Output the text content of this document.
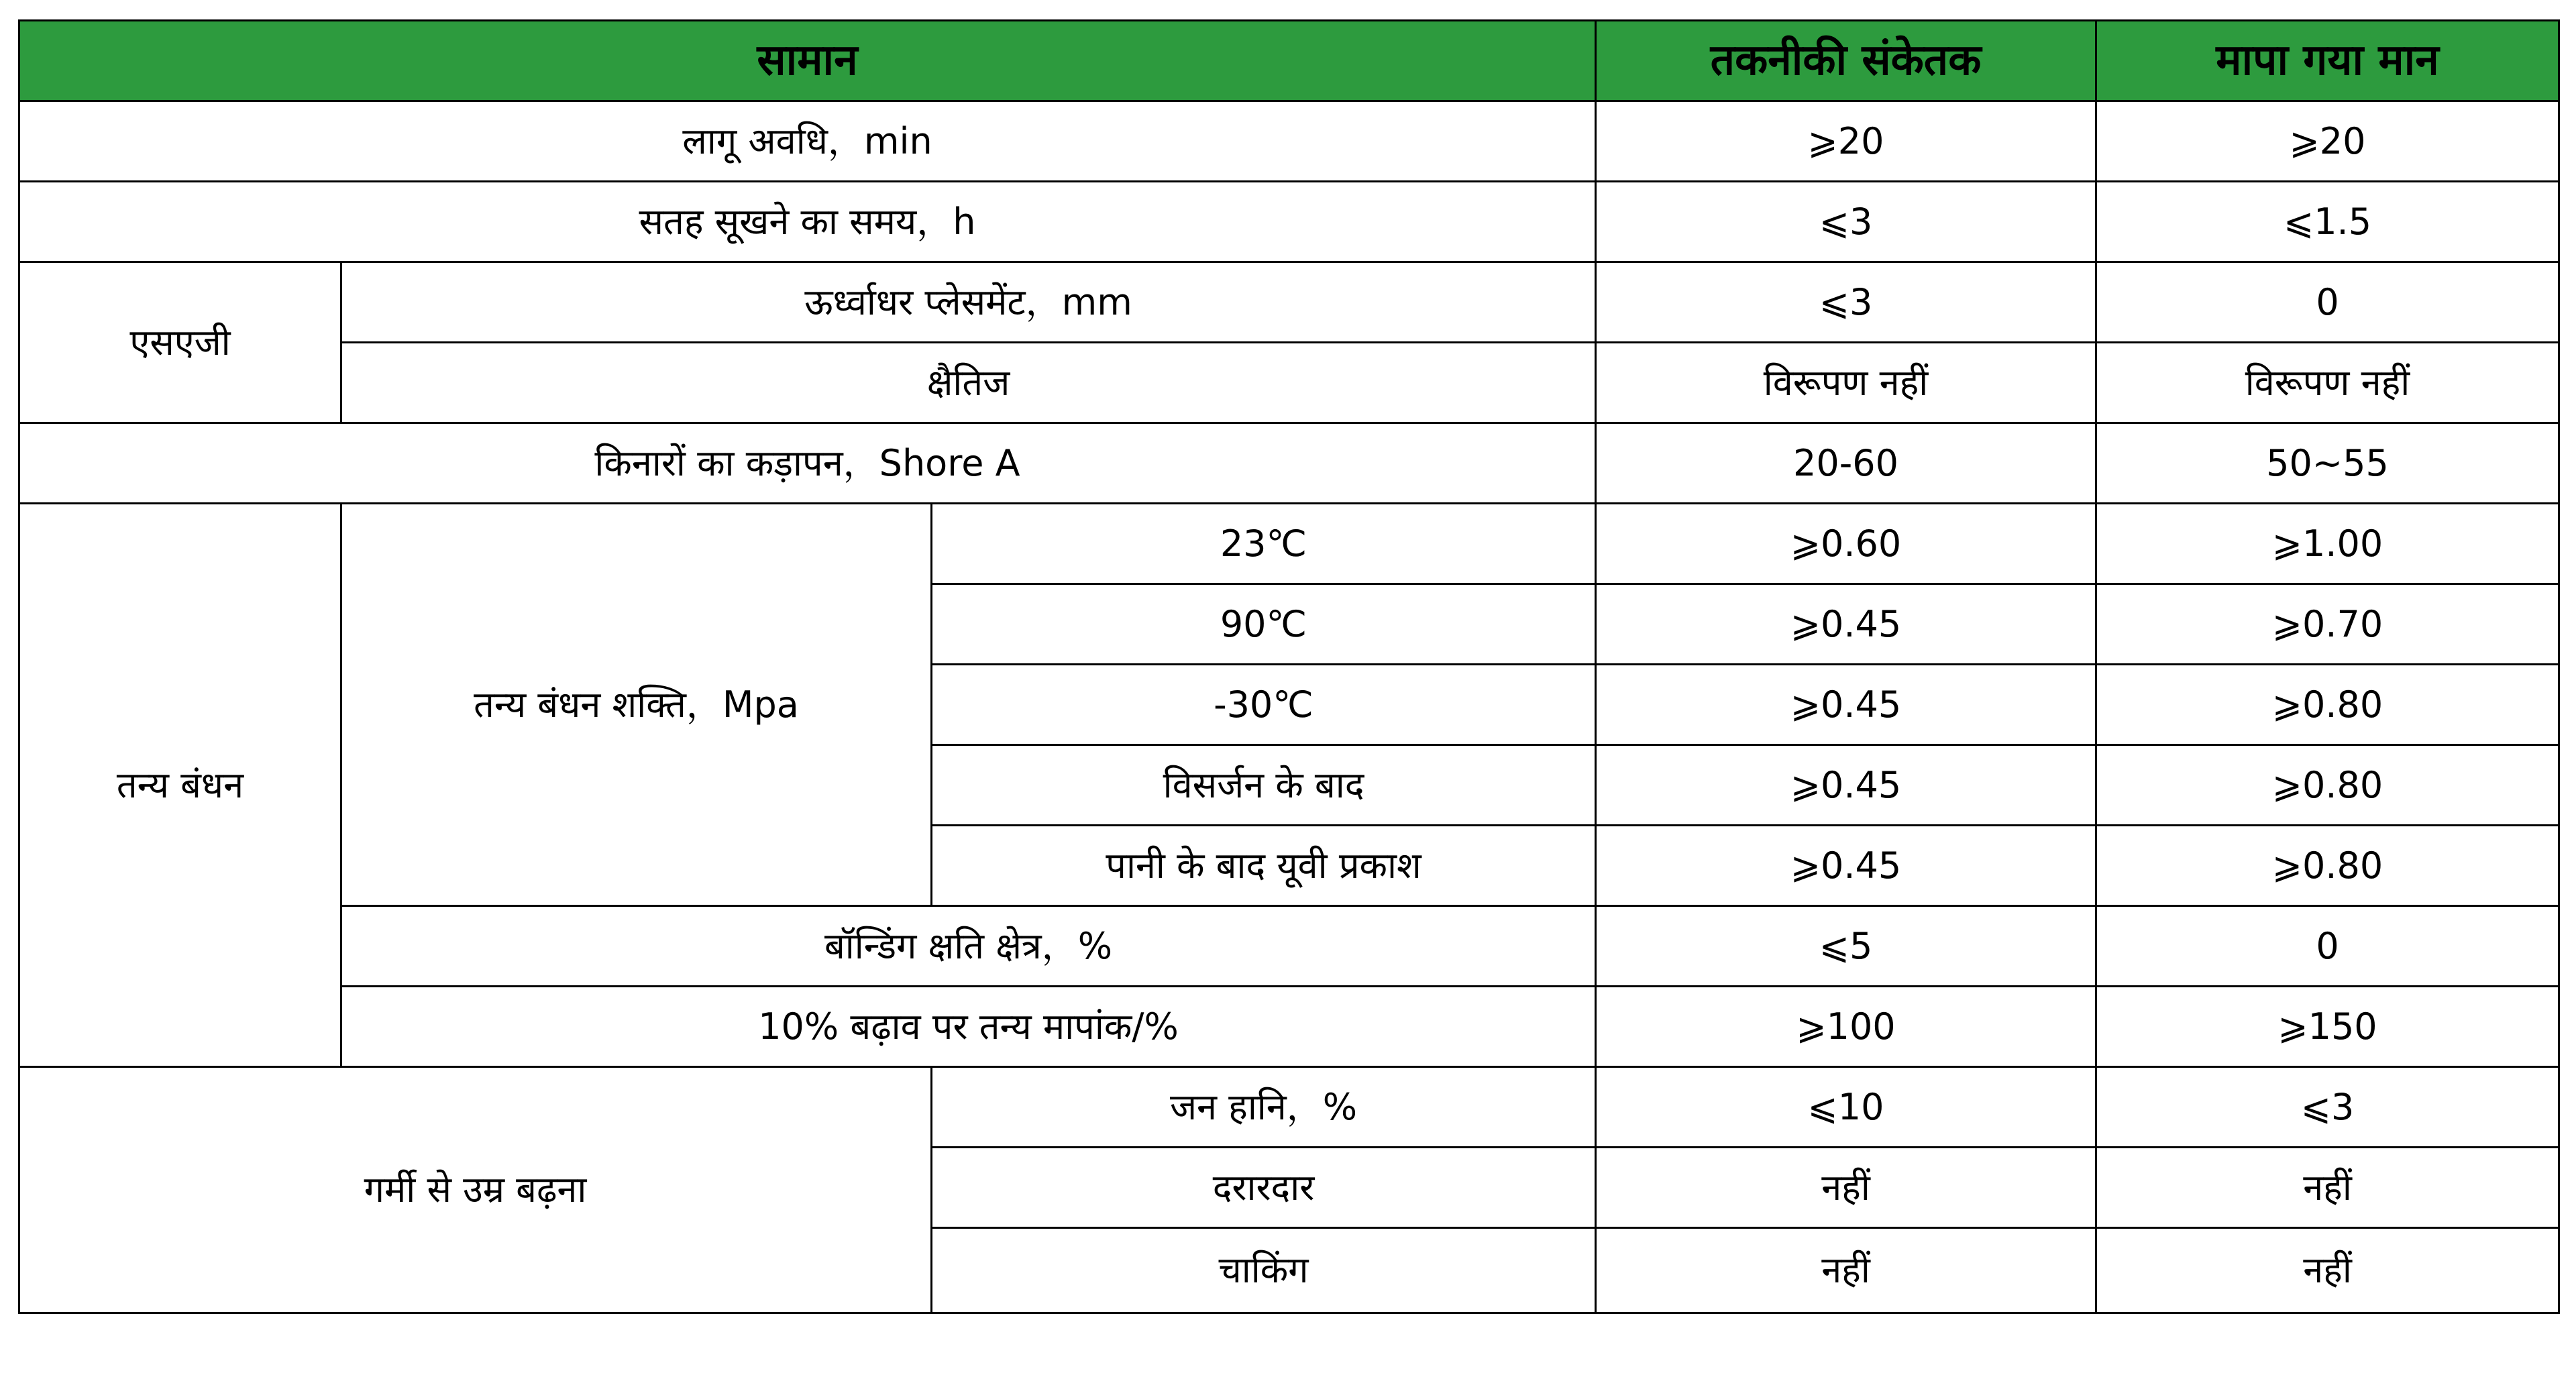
सामान			तकनीकी संकेतक	मापा गया मान
लागू अवधि，min			⩾20	⩾20
सतह सूखने का समय，h			⩽3	⩽1.5
एसएजी	ऊर्ध्वाधर प्लेसमेंट，mm		⩽3	0
	क्षैतिज		विरूपण नहीं	विरूपण नहीं
किनारों का कड़ापन，Shore A			20-60	50~55
तन्य बंधन	तन्य बंधन शक्ति，Mpa	23℃	⩾0.60	⩾1.00
		90℃	⩾0.45	⩾0.70
		-30℃	⩾0.45	⩾0.80
		विसर्जन के बाद	⩾0.45	⩾0.80
		पानी के बाद यूवी प्रकाश	⩾0.45	⩾0.80
	बॉन्डिंग क्षति क्षेत्र，%		⩽5	0
	10% बढ़ाव पर तन्य मापांक/%		⩾100	⩾150
गर्मी से उम्र बढ़ना		जन हानि，%	⩽10	⩽3
		दरारदार	नहीं	नहीं
		चाकिंग	नहीं	नहीं
